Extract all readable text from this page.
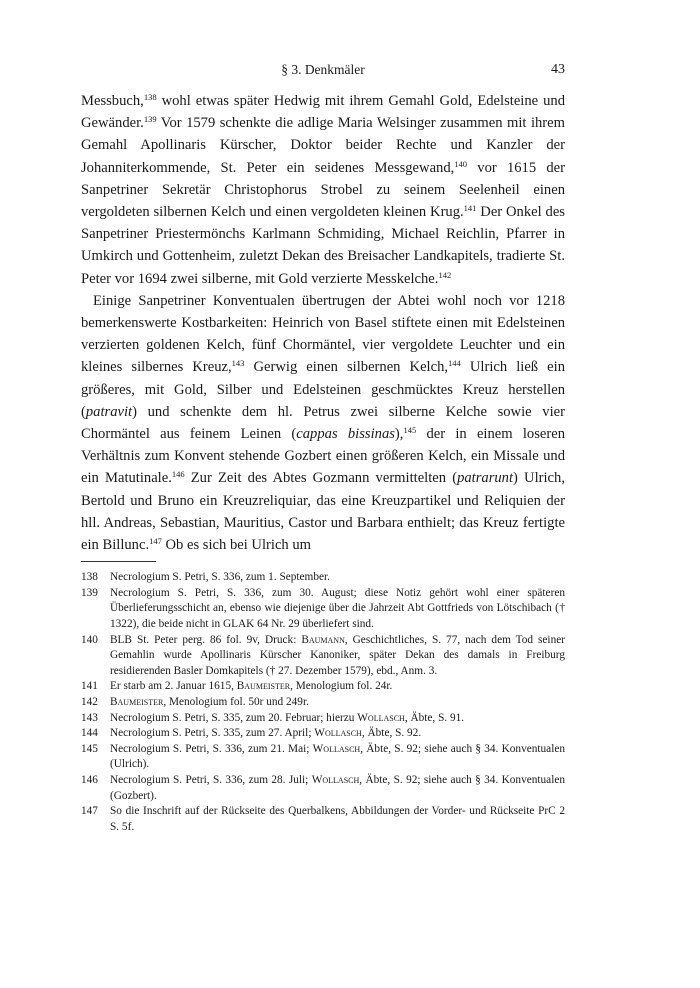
§ 3. Denkmäler	43

Messbuch,$^{138}$ wohl etwas später Hedwig mit ihrem Gemahl Gold, Edelsteine und Gewänder.$^{139}$ Vor 1579 schenkte die adlige Maria Welsinger zusammen mit ihrem Gemahl Apollinaris Kürscher, Doktor beider Rechte und Kanzler der Johanniterkommende, St. Peter ein seidenes Messgewand,$^{140}$ vor 1615 der Sanpetriner Sekretär Christophorus Strobel zu seinem Seelenheil einen vergoldeten silbernen Kelch und einen vergoldeten kleinen Krug.$^{141}$ Der Onkel des Sanpetriner Priestermönchs Karlmann Schmiding, Michael Reichlin, Pfarrer in Umkirch und Gottenheim, zuletzt Dekan des Breisacher Landkapitels, tradierte St. Peter vor 1694 zwei silberne, mit Gold verzierte Messkelche.$^{142}$

Einige Sanpetriner Konventualen übertrugen der Abtei wohl noch vor 1218 bemerkenswerte Kostbarkeiten: Heinrich von Basel stiftete einen mit Edelsteinen verzierten goldenen Kelch, fünf Chormäntel, vier vergoldete Leuchter und ein kleines silbernes Kreuz,$^{143}$ Gerwig einen silbernen Kelch,$^{144}$ Ulrich ließ ein größeres, mit Gold, Silber und Edelsteinen geschmücktes Kreuz herstellen (patravit) und schenkte dem hl. Petrus zwei silberne Kelche sowie vier Chormäntel aus feinem Leinen (cappas bissinas),$^{145}$ der in einem loseren Verhältnis zum Konvent stehende Gozbert einen größeren Kelch, ein Missale und ein Matutinale.$^{146}$ Zur Zeit des Abtes Gozmann vermittelten (patrarunt) Ulrich, Bertold und Bruno ein Kreuzreliquiar, das eine Kreuzpartikel und Reliquien der hll. Andreas, Sebastian, Mauritius, Castor und Barbara enthielt; das Kreuz fertigte ein Billunc.$^{147}$ Ob es sich bei Ulrich um

138	Necrologium S. Petri, S. 336, zum 1. September.
139	Necrologium S. Petri, S. 336, zum 30. August; diese Notiz gehört wohl einer späteren Überlieferungsschicht an, ebenso wie diejenige über die Jahrzeit Abt Gottfrieds von Lötschibach († 1322), die beide nicht in GLAK 64 Nr. 29 überliefert sind.
140	BLB St. Peter perg. 86 fol. 9v, Druck: Baumann, Geschichtliches, S. 77, nach dem Tod seiner Gemahlin wurde Apollinaris Kürscher Kanoniker, später Dekan des damals in Freiburg residierenden Basler Domkapitels († 27. Dezember 1579), ebd., Anm. 3.
141	Er starb am 2. Januar 1615, Baumeister, Menologium fol. 24r.
142	Baumeister, Menologium fol. 50r und 249r.
143	Necrologium S. Petri, S. 335, zum 20. Februar; hierzu Wollasch, Äbte, S. 91.
144	Necrologium S. Petri, S. 335, zum 27. April; Wollasch, Äbte, S. 92.
145	Necrologium S. Petri, S. 336, zum 21. Mai; Wollasch, Äbte, S. 92; siehe auch § 34. Konventualen (Ulrich).
146	Necrologium S. Petri, S. 336, zum 28. Juli; Wollasch, Äbte, S. 92; siehe auch § 34. Konventualen (Gozbert).
147	So die Inschrift auf der Rückseite des Querbalkens, Abbildungen der Vorder- und Rückseite PrC 2 S. 5f.
